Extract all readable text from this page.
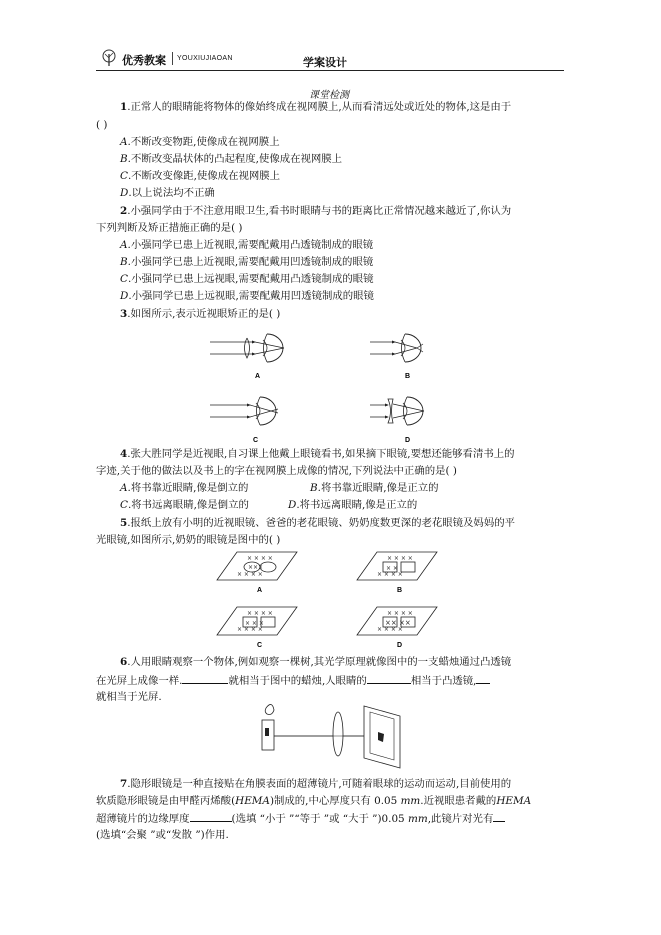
优秀教案 YOUXIUJIAOAN	学案设计
课堂检测
1.正常人的眼睛能将物体的像始终成在视网膜上,从而看清远处或近处的物体,这是由于
( )
A.不断改变物距,使像成在视网膜上
B.不断改变晶状体的凸起程度,使像成在视网膜上
C.不断改变像距,使像成在视网膜上
D.以上说法均不正确
2.小强同学由于不注意用眼卫生,看书时眼睛与书的距离比正常情况越来越近了,你认为
下列判断及矫正措施正确的是( )
A.小强同学已患上近视眼,需要配戴用凸透镜制成的眼镜
B.小强同学已患上近视眼,需要配戴用凹透镜制成的眼镜
C.小强同学已患上远视眼,需要配戴用凸透镜制成的眼镜
D.小强同学已患上远视眼,需要配戴用凹透镜制成的眼镜
3.如图所示,表示近视眼矫正的是( )
A	B
C	D
4.张大胜同学是近视眼,自习课上他戴上眼镜看书,如果摘下眼镜,要想还能够看清书上的
字迹,关于他的做法以及书上的字在视网膜上成像的情况,下列说法中正确的是( )
A.将书靠近眼睛,像是倒立的	B.将书靠近眼睛,像是正立的
C.将书远离眼睛,像是倒立的	D.将书远离眼睛,像是正立的
5.报纸上放有小明的近视眼镜、爸爸的老花眼镜、奶奶度数更深的老花眼镜及妈妈的平
光眼镜,如图所示,奶奶的眼镜是图中的( )
× × × ×
× × × ×
×××
A
× × × ×
× × × ×
× ×
B
× × × ×
× × × ×
× × ×
C
× × × ×
× × × ×
×× ××
D
6.人用眼睛观察一个物体,例如观察一棵树,其光学原理就像图中的一支蜡烛通过凸透镜
在光屏上成像一样.	就相当于图中的蜡烛,人眼睛的	相当于凸透镜,
就相当于光屏.
7.隐形眼镜是一种直接贴在角膜表面的超薄镜片,可随着眼球的运动而运动,目前使用的
软质隐形眼镜是由甲醛丙烯酸(HEMA)制成的,中心厚度只有 0.05 mm.近视眼患者戴的HEMA
超薄镜片的边缘厚度	(选填 “小于 ”“等于 ”或 “大于 ”)0.05 mm,此镜片对光有
(选填“会聚 ”或“发散 ”)作用.
